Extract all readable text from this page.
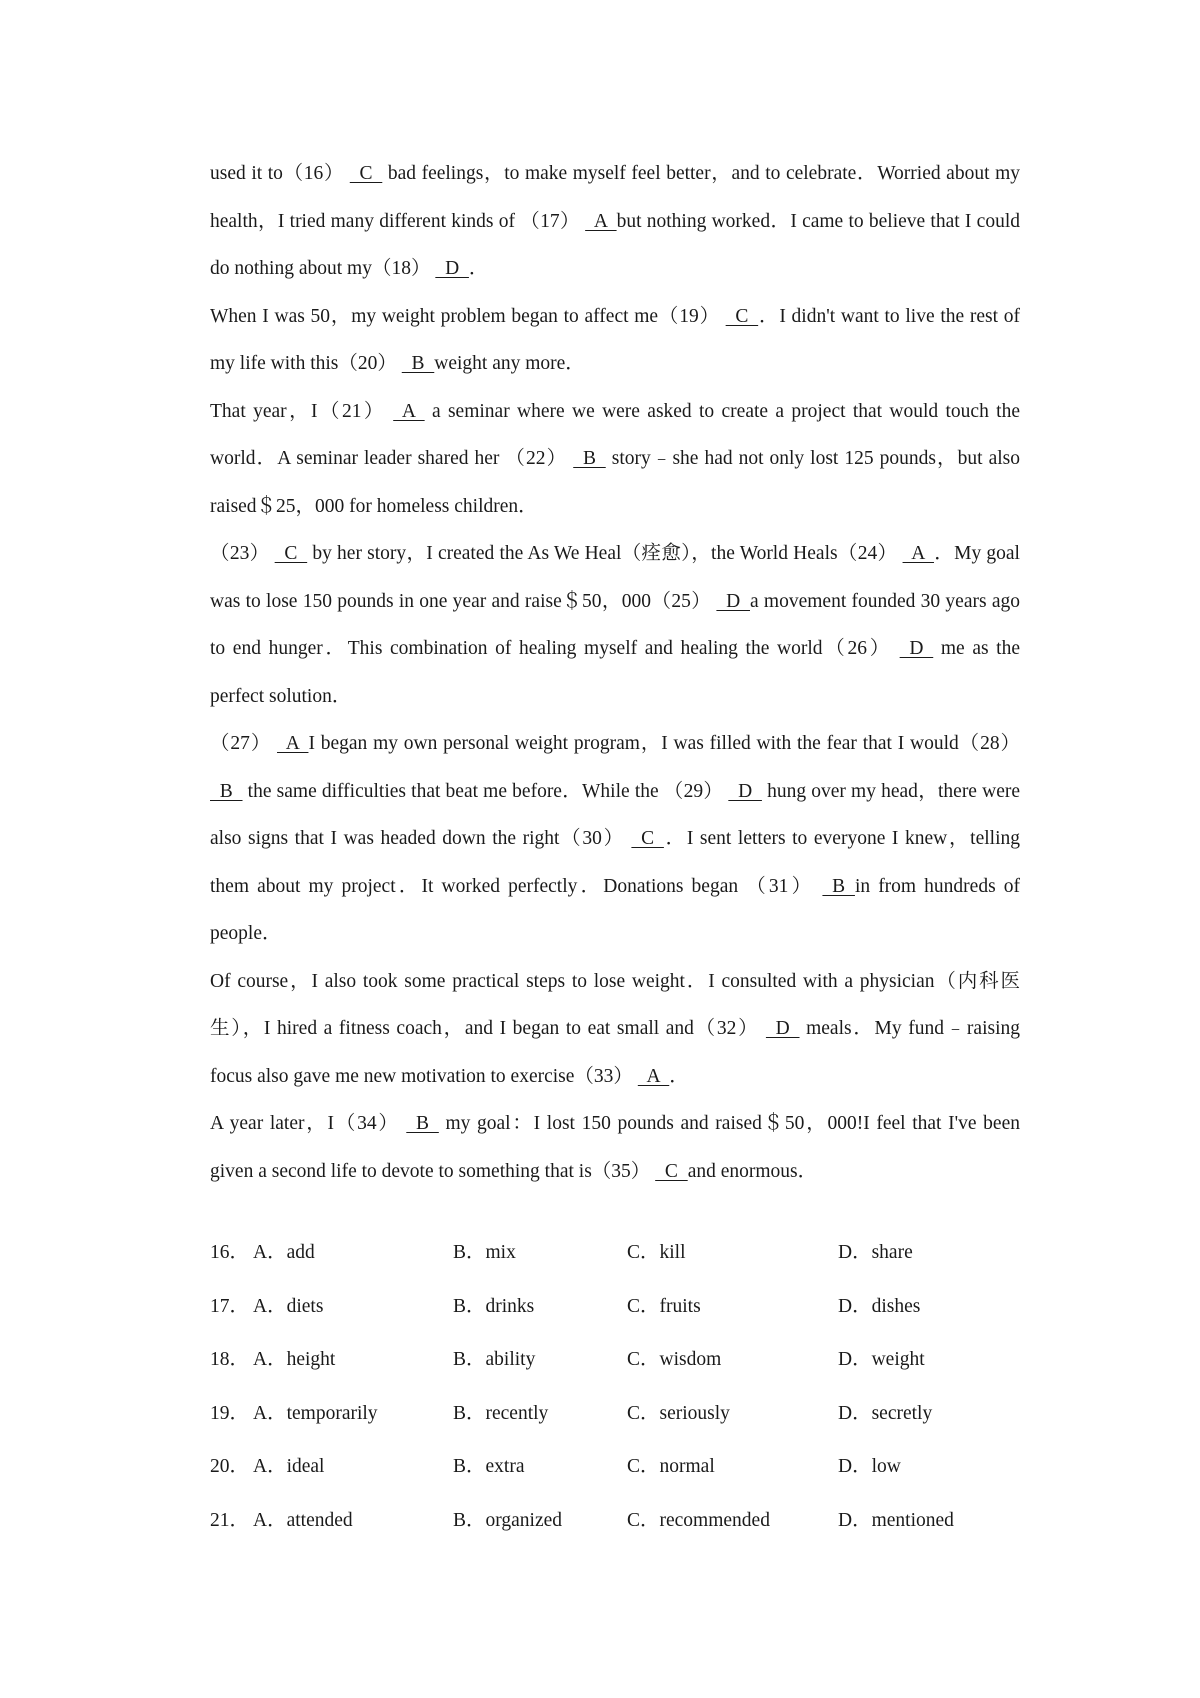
used it to（16）   C   bad feelings，to make myself feel better，and to celebrate．Worried about my health，I tried many different kinds of （17）   A  but nothing worked．I came to believe that I could do nothing about my（18）   D  ．

When I was 50，my weight problem began to affect me（19）   C  ．I didn't want to live the rest of my life with this（20）   B  weight any more．

That year，I（21）   A   a seminar where we were asked to create a project that would touch the world．A seminar leader shared her （22）   B   story﹣she had not only lost 125 pounds，but also raised＄25，000 for homeless children．

（23）   C   by her story，I created the As We Heal（痊愈），the World Heals（24）   A  ．My goal was to lose 150 pounds in one year and raise＄50，000（25）   D  a movement founded 30 years ago to end hunger．This combination of healing myself and healing the world（26）   D   me as the perfect solution．

（27）   A  I began my own personal weight program，I was filled with the fear that I would（28）   B   the same difficulties that beat me before．While the （29）   D   hung over my head，there were also signs that I was headed down the right（30）   C  ．I sent letters to everyone I knew，telling them about my project．It worked perfectly．Donations began （31）   B  in from hundreds of people．

Of course，I also took some practical steps to lose weight．I consulted with a physician（内科医生），I hired a fitness coach，and I began to eat small and（32）   D   meals．My fund﹣raising focus also gave me new motivation to exercise（33）   A  ．

A year later，I（34）   B   my goal：I lost 150 pounds and raised＄50，000!I feel that I've been given a second life to devote to something that is（35）   C  and enormous．

16． A．add	B．mix	C．kill	D．share
17． A．diets	B．drinks	C．fruits	D．dishes
18． A．height	B．ability	C．wisdom	D．weight
19． A．temporarily	B．recently	C．seriously	D．secretly
20． A．ideal	B．extra	C．normal	D．low
21． A．attended	B．organized	C．recommended	D．mentioned
